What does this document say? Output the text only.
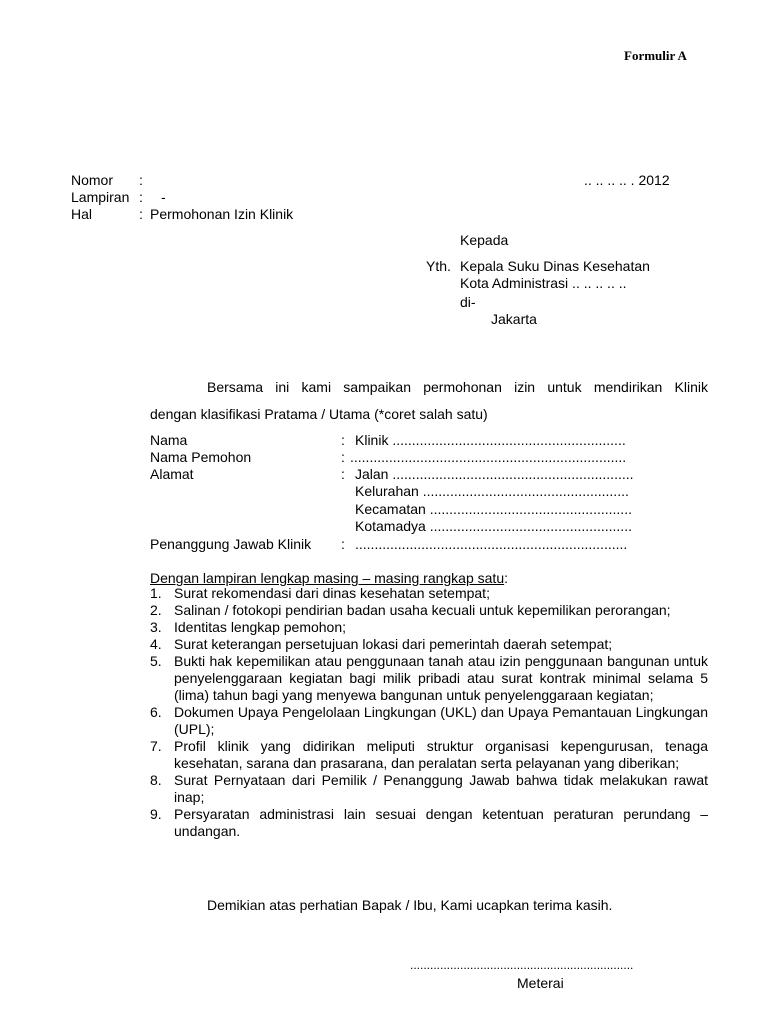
Formulir A
Nomor :	.. .. .. .. . 2012
Lampiran : -
Hal	: Permohonan Izin Klinik
Kepada
Yth. Kepala Suku Dinas Kesehatan
Kota Administrasi .. .. .. .. ..
di-
Jakarta
Bersama ini kami sampaikan permohonan izin untuk mendirikan Klinik
dengan klasifikasi Pratama / Utama (*coret salah satu)
Nama	: Klinik ............................................................
Nama Pemohon	: .......................................................................
Alamat	: Jalan ..............................................................
Kelurahan .....................................................
Kecamatan ....................................................
Kotamadya ....................................................
Penanggung Jawab Klinik : ......................................................................
Dengan lampiran lengkap masing – masing rangkap satu:
1. Surat rekomendasi dari dinas kesehatan setempat;
2. Salinan / fotokopi pendirian badan usaha kecuali untuk kepemilikan perorangan;
3. Identitas lengkap pemohon;
4. Surat keterangan persetujuan lokasi dari pemerintah daerah setempat;
5. Bukti hak kepemilikan atau penggunaan tanah atau izin penggunaan bangunan untuk penyelenggaraan kegiatan bagi milik pribadi atau surat kontrak minimal selama 5 (lima) tahun bagi yang menyewa bangunan untuk penyelenggaraan kegiatan;
6. Dokumen Upaya Pengelolaan Lingkungan (UKL) dan Upaya Pemantauan Lingkungan (UPL);
7. Profil klinik yang didirikan meliputi struktur organisasi kepengurusan, tenaga kesehatan, sarana dan prasarana, dan peralatan serta pelayanan yang diberikan;
8. Surat Pernyataan dari Pemilik / Penanggung Jawab bahwa tidak melakukan rawat inap;
9. Persyaratan administrasi lain sesuai dengan ketentuan peraturan perundang – undangan.
Demikian atas perhatian Bapak / Ibu, Kami ucapkan terima kasih.
...................................................................
Meterai
